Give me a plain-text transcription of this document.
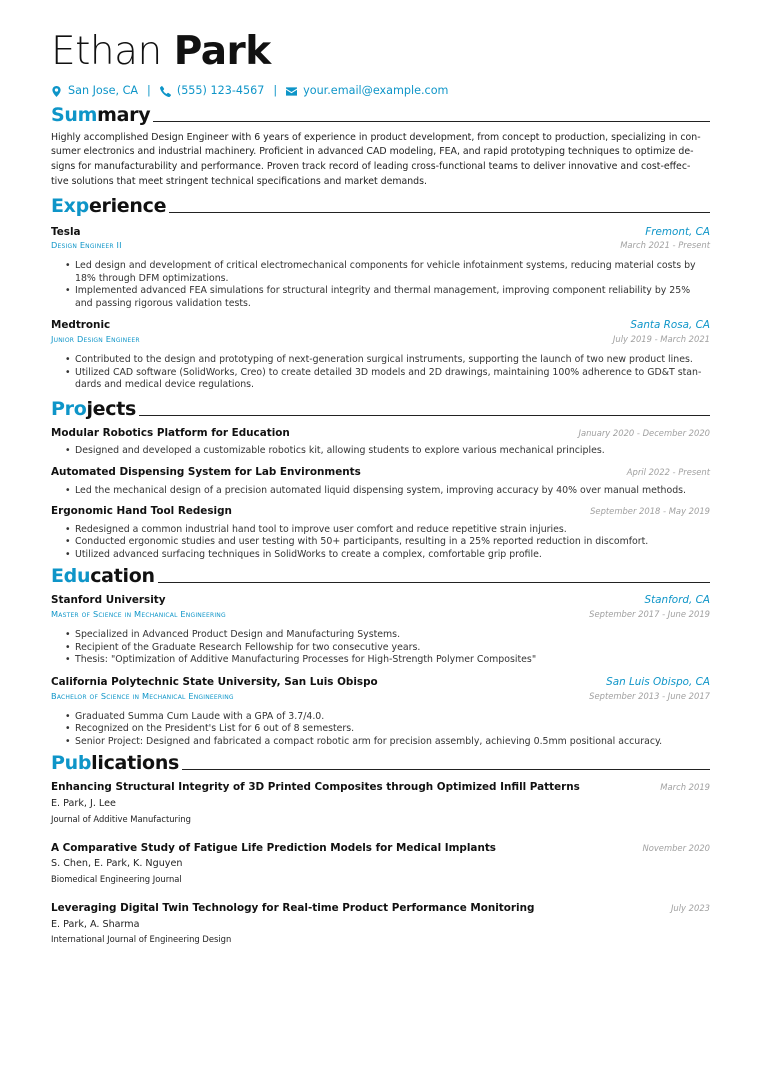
Ethan Park
San Jose, CA | (555) 123-4567 | your.email@example.com
Summary
Highly accomplished Design Engineer with 6 years of experience in product development, from concept to production, specializing in con-
sumer electronics and industrial machinery. Proficient in advanced CAD modeling, FEA, and rapid prototyping techniques to optimize de-
signs for manufacturability and performance. Proven track record of leading cross-functional teams to deliver innovative and cost-effec-
tive solutions that meet stringent technical specifications and market demands.
Experience
Tesla	Fremont, CA
Design Engineer II	March 2021 - Present
• Led design and development of critical electromechanical components for vehicle infotainment systems, reducing material costs by
18% through DFM optimizations.
• Implemented advanced FEA simulations for structural integrity and thermal management, improving component reliability by 25%
and passing rigorous validation tests.
Medtronic	Santa Rosa, CA
Junior Design Engineer	July 2019 - March 2021
• Contributed to the design and prototyping of next-generation surgical instruments, supporting the launch of two new product lines.
• Utilized CAD software (SolidWorks, Creo) to create detailed 3D models and 2D drawings, maintaining 100% adherence to GD&T stan-
dards and medical device regulations.
Projects
Modular Robotics Platform for Education	January 2020 - December 2020
• Designed and developed a customizable robotics kit, allowing students to explore various mechanical principles.
Automated Dispensing System for Lab Environments	April 2022 - Present
• Led the mechanical design of a precision automated liquid dispensing system, improving accuracy by 40% over manual methods.
Ergonomic Hand Tool Redesign	September 2018 - May 2019
• Redesigned a common industrial hand tool to improve user comfort and reduce repetitive strain injuries.
• Conducted ergonomic studies and user testing with 50+ participants, resulting in a 25% reported reduction in discomfort.
• Utilized advanced surfacing techniques in SolidWorks to create a complex, comfortable grip profile.
Education
Stanford University	Stanford, CA
Master of Science in Mechanical Engineering	September 2017 - June 2019
• Specialized in Advanced Product Design and Manufacturing Systems.
• Recipient of the Graduate Research Fellowship for two consecutive years.
• Thesis: "Optimization of Additive Manufacturing Processes for High-Strength Polymer Composites"
California Polytechnic State University, San Luis Obispo	San Luis Obispo, CA
Bachelor of Science in Mechanical Engineering	September 2013 - June 2017
• Graduated Summa Cum Laude with a GPA of 3.7/4.0.
• Recognized on the President's List for 6 out of 8 semesters.
• Senior Project: Designed and fabricated a compact robotic arm for precision assembly, achieving 0.5mm positional accuracy.
Publications
Enhancing Structural Integrity of 3D Printed Composites through Optimized Infill Patterns	March 2019
E. Park, J. Lee
Journal of Additive Manufacturing
A Comparative Study of Fatigue Life Prediction Models for Medical Implants	November 2020
S. Chen, E. Park, K. Nguyen
Biomedical Engineering Journal
Leveraging Digital Twin Technology for Real-time Product Performance Monitoring	July 2023
E. Park, A. Sharma
International Journal of Engineering Design
